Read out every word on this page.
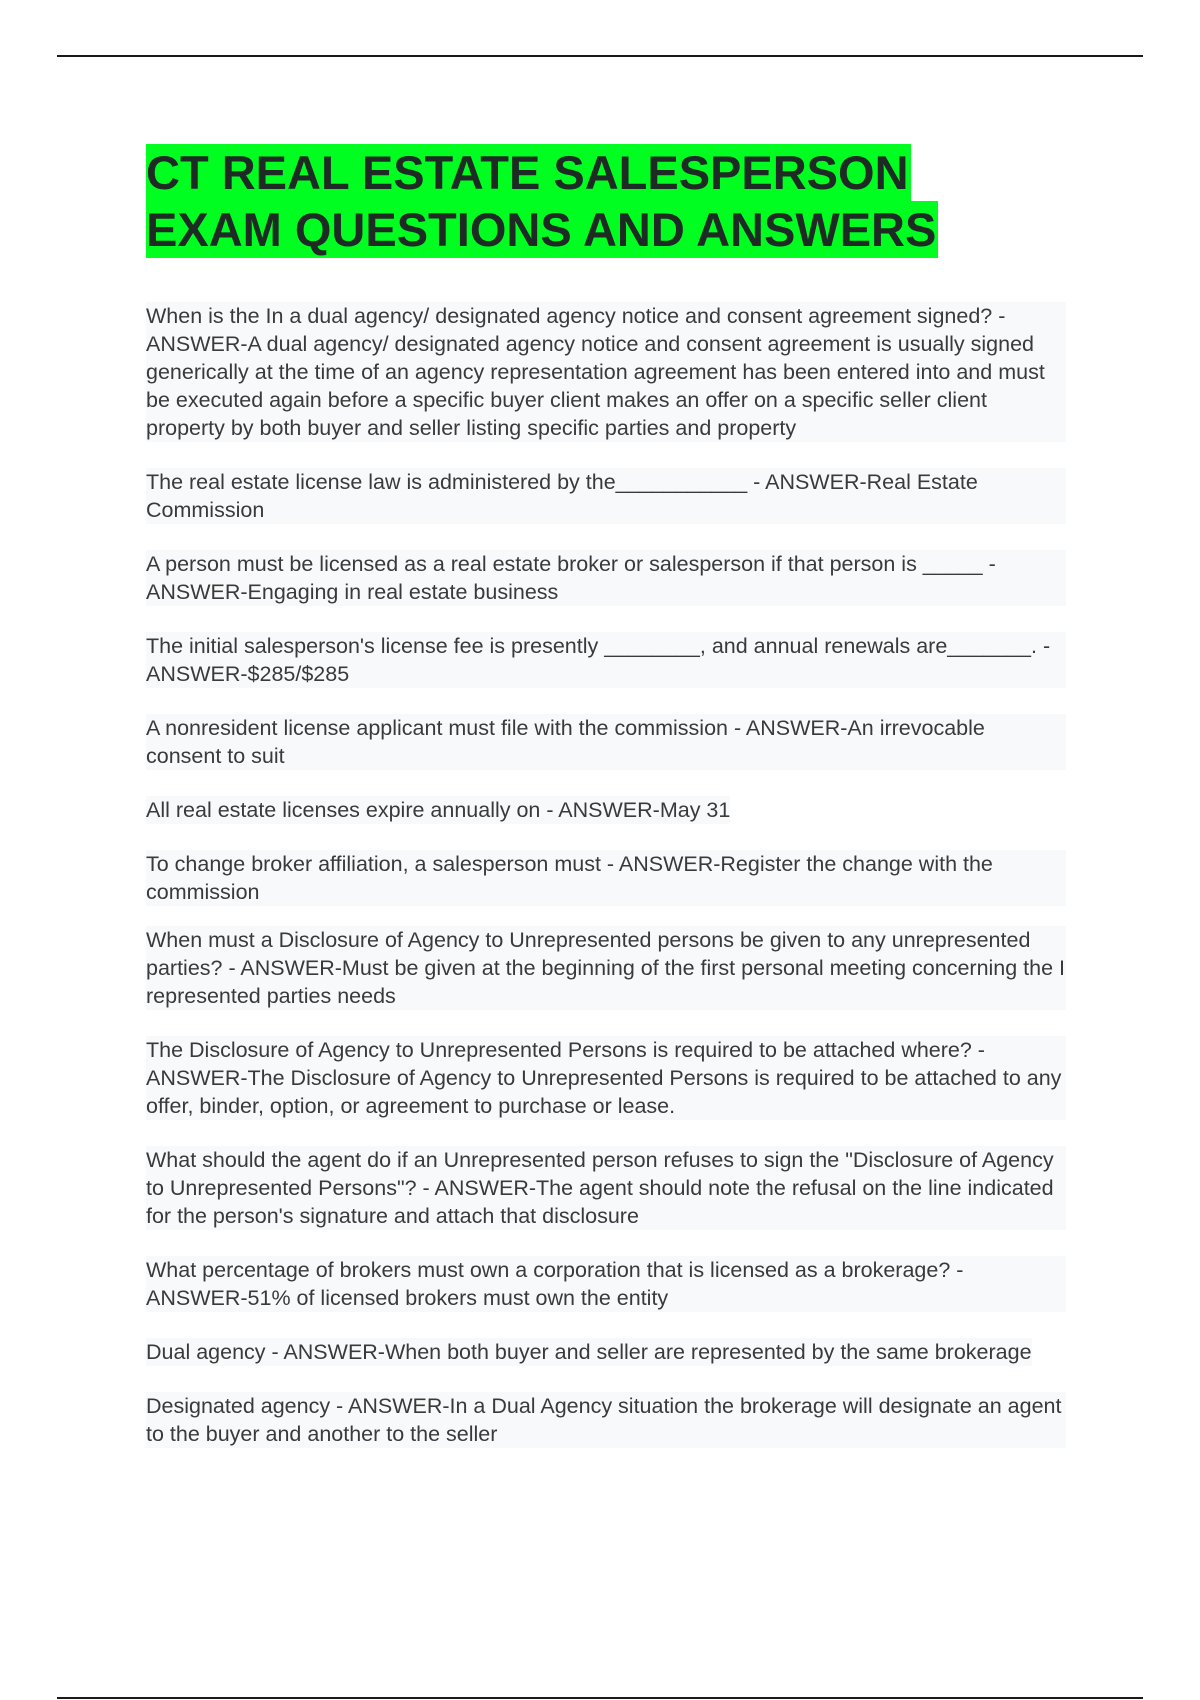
CT REAL ESTATE SALESPERSON
EXAM QUESTIONS AND ANSWERS

When is the In a dual agency/ designated agency notice and consent agreement signed? - ANSWER-A dual agency/ designated agency notice and consent agreement is usually signed generically at the time of an agency representation agreement has been entered into and must be executed again before a specific buyer client makes an offer on a specific seller client property by both buyer and seller listing specific parties and property

The real estate license law is administered by the___________ - ANSWER-Real Estate Commission

A person must be licensed as a real estate broker or salesperson if that person is _____ - ANSWER-Engaging in real estate business

The initial salesperson's license fee is presently ________, and annual renewals are_______. - ANSWER-$285/$285

A nonresident license applicant must file with the commission - ANSWER-An irrevocable consent to suit

All real estate licenses expire annually on - ANSWER-May 31

To change broker affiliation, a salesperson must - ANSWER-Register the change with the commission

When must a Disclosure of Agency to Unrepresented persons be given to any unrepresented parties? - ANSWER-Must be given at the beginning of the first personal meeting concerning the I represented parties needs

The Disclosure of Agency to Unrepresented Persons is required to be attached where? - ANSWER-The Disclosure of Agency to Unrepresented Persons is required to be attached to any offer, binder, option, or agreement to purchase or lease.

What should the agent do if an Unrepresented person refuses to sign the "Disclosure of Agency to Unrepresented Persons"? - ANSWER-The agent should note the refusal on the line indicated for the person's signature and attach that disclosure

What percentage of brokers must own a corporation that is licensed as a brokerage? - ANSWER-51% of licensed brokers must own the entity

Dual agency - ANSWER-When both buyer and seller are represented by the same brokerage

Designated agency - ANSWER-In a Dual Agency situation the brokerage will designate an agent to the buyer and another to the seller
